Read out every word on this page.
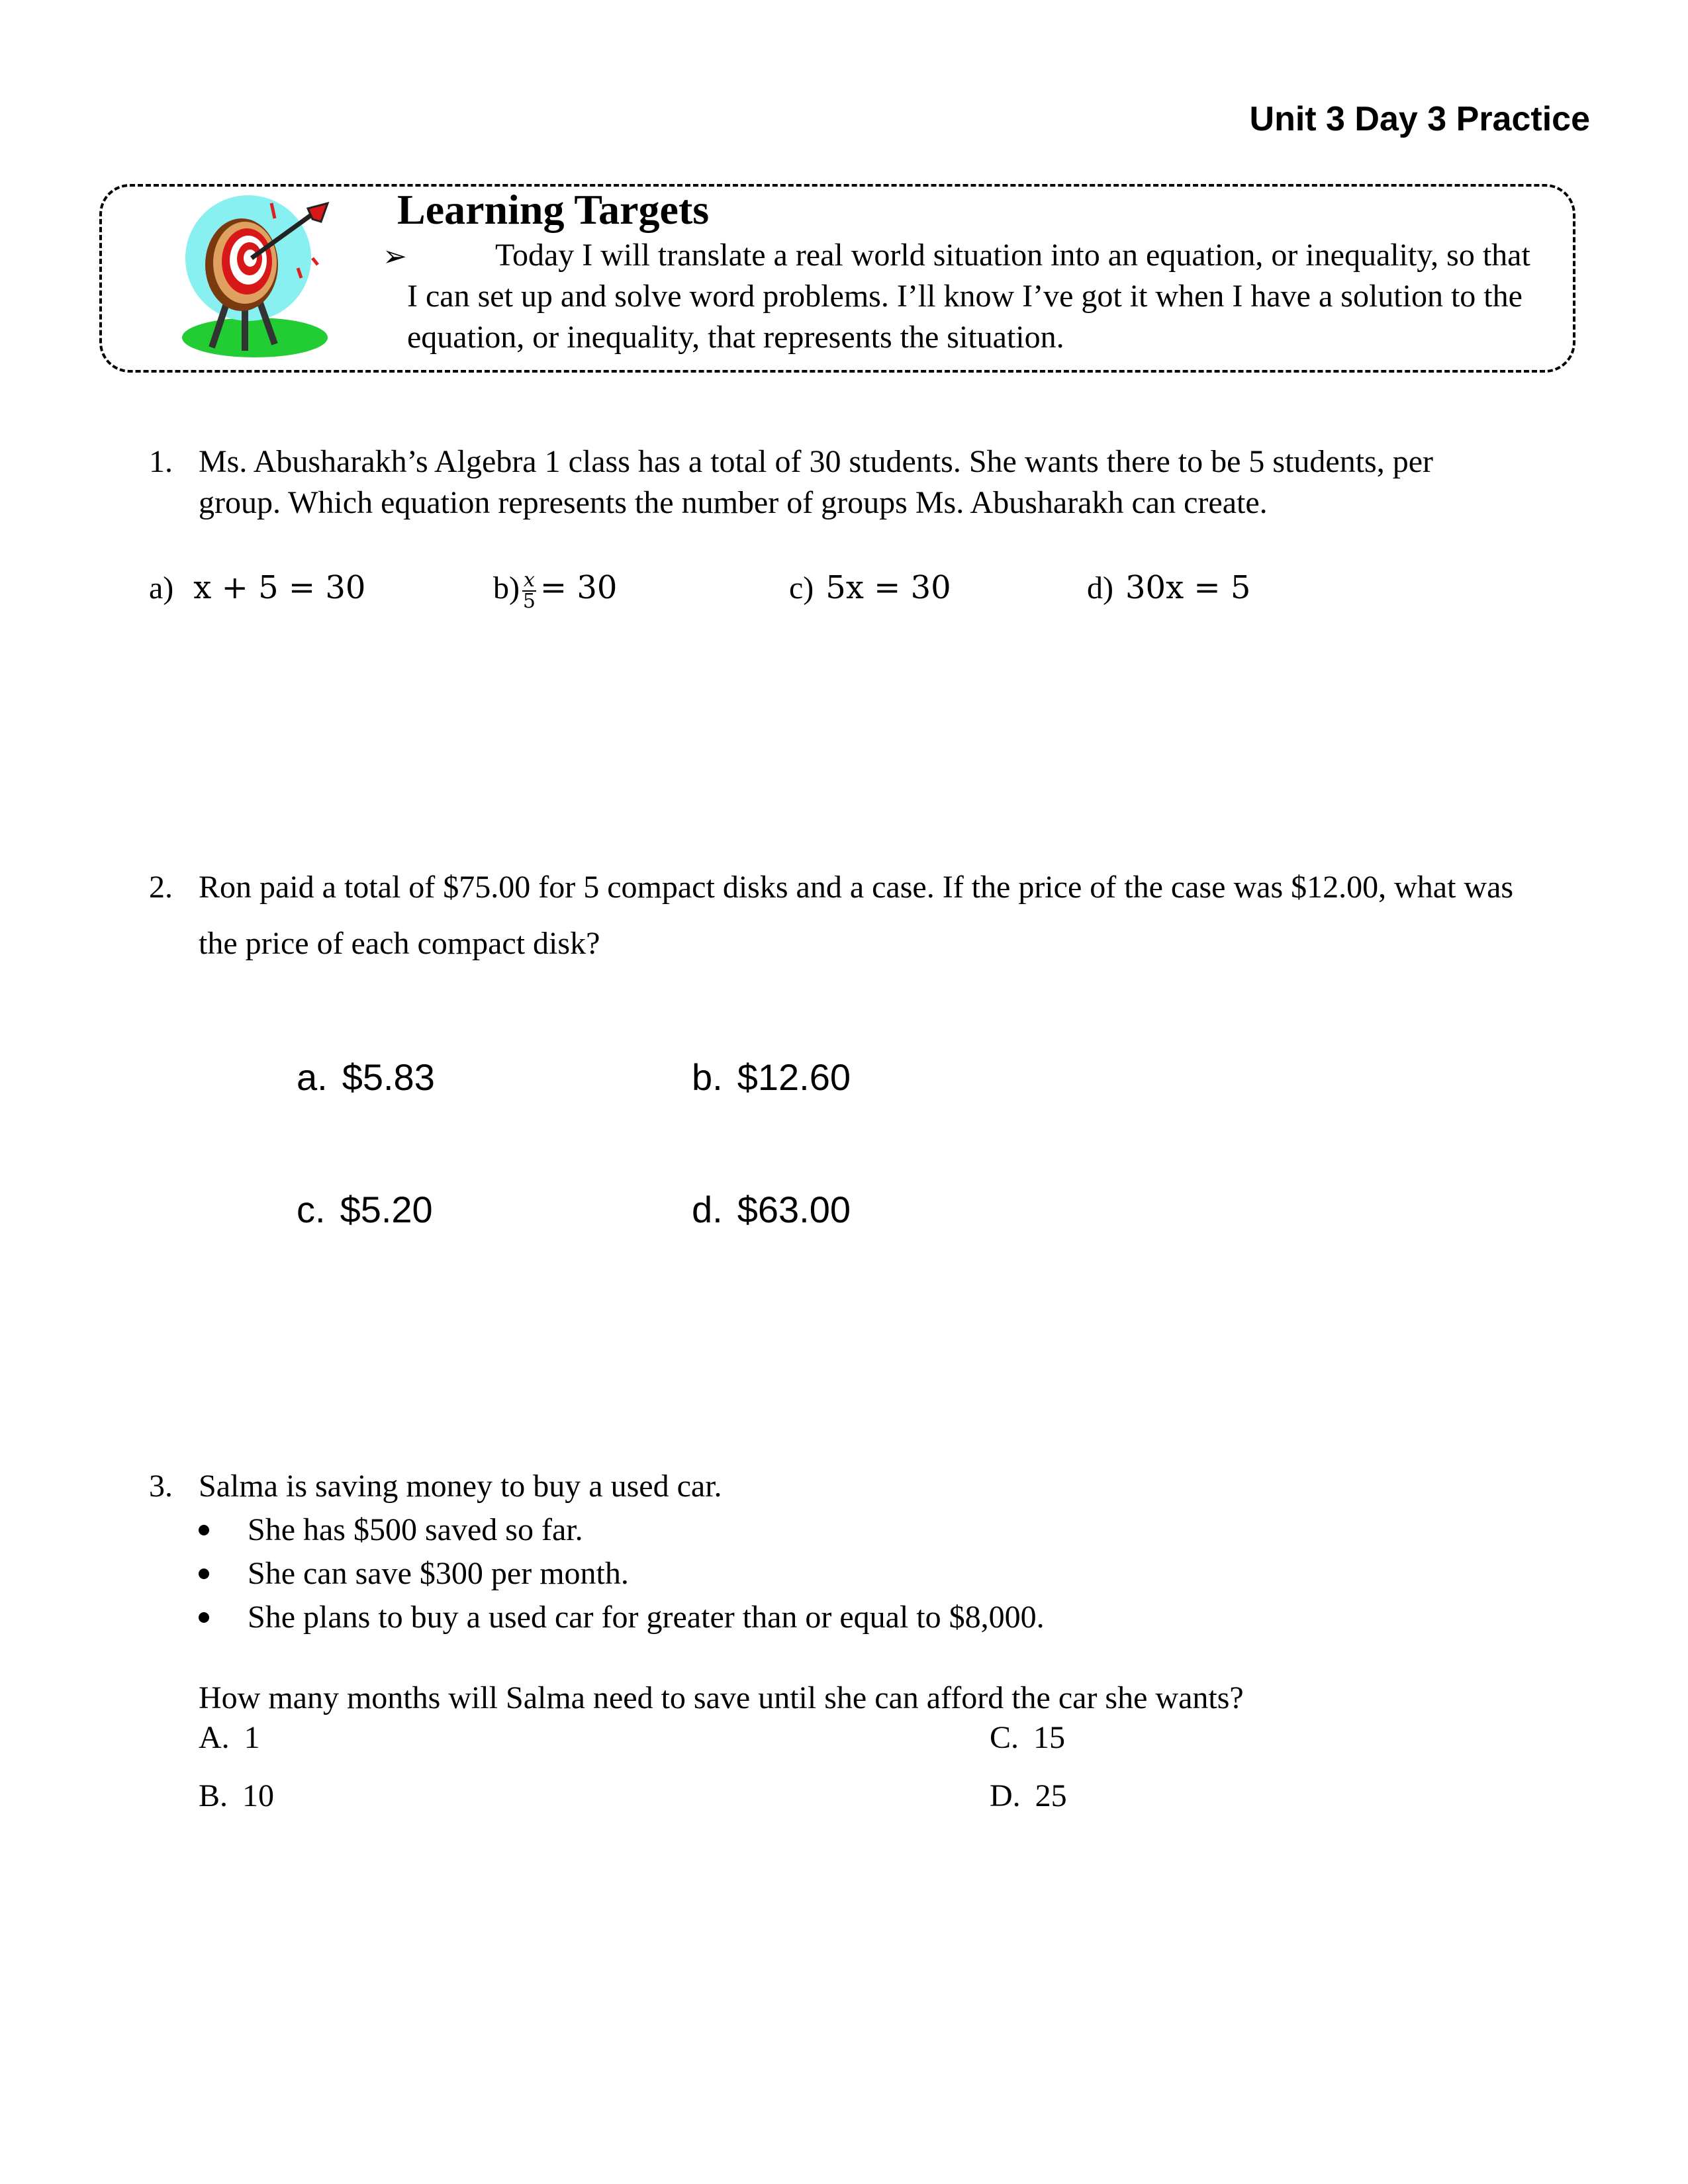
Unit 3 Day 3 Practice
Learning Targets
➢	Today I will translate a real world situation into an equation, or inequality, so that
I can set up and solve word problems. I’ll know I’ve got it when I have a solution to the
equation, or inequality, that represents the situation.
1. Ms. Abusharakh’s Algebra 1 class has a total of 30 students. She wants there to be 5 students, per
group. Which equation represents the number of groups Ms. Abusharakh can create.
a) x + 5 = 30	$b) \frac{x}{5} = 30$	c) 5x = 30	d) 30x = 5
2. Ron paid a total of $75.00 for 5 compact disks and a case. If the price of the case was $12.00, what was
the price of each compact disk?
a. $5.83	b. $12.60
c. $5.20	d. $63.00
3. Salma is saving money to buy a used car.
She has $500 saved so far.
She can save $300 per month.
She plans to buy a used car for greater than or equal to $8,000.
How many months will Salma need to save until she can afford the car she wants?
A. 1
B. 10
C. 15
D. 25
